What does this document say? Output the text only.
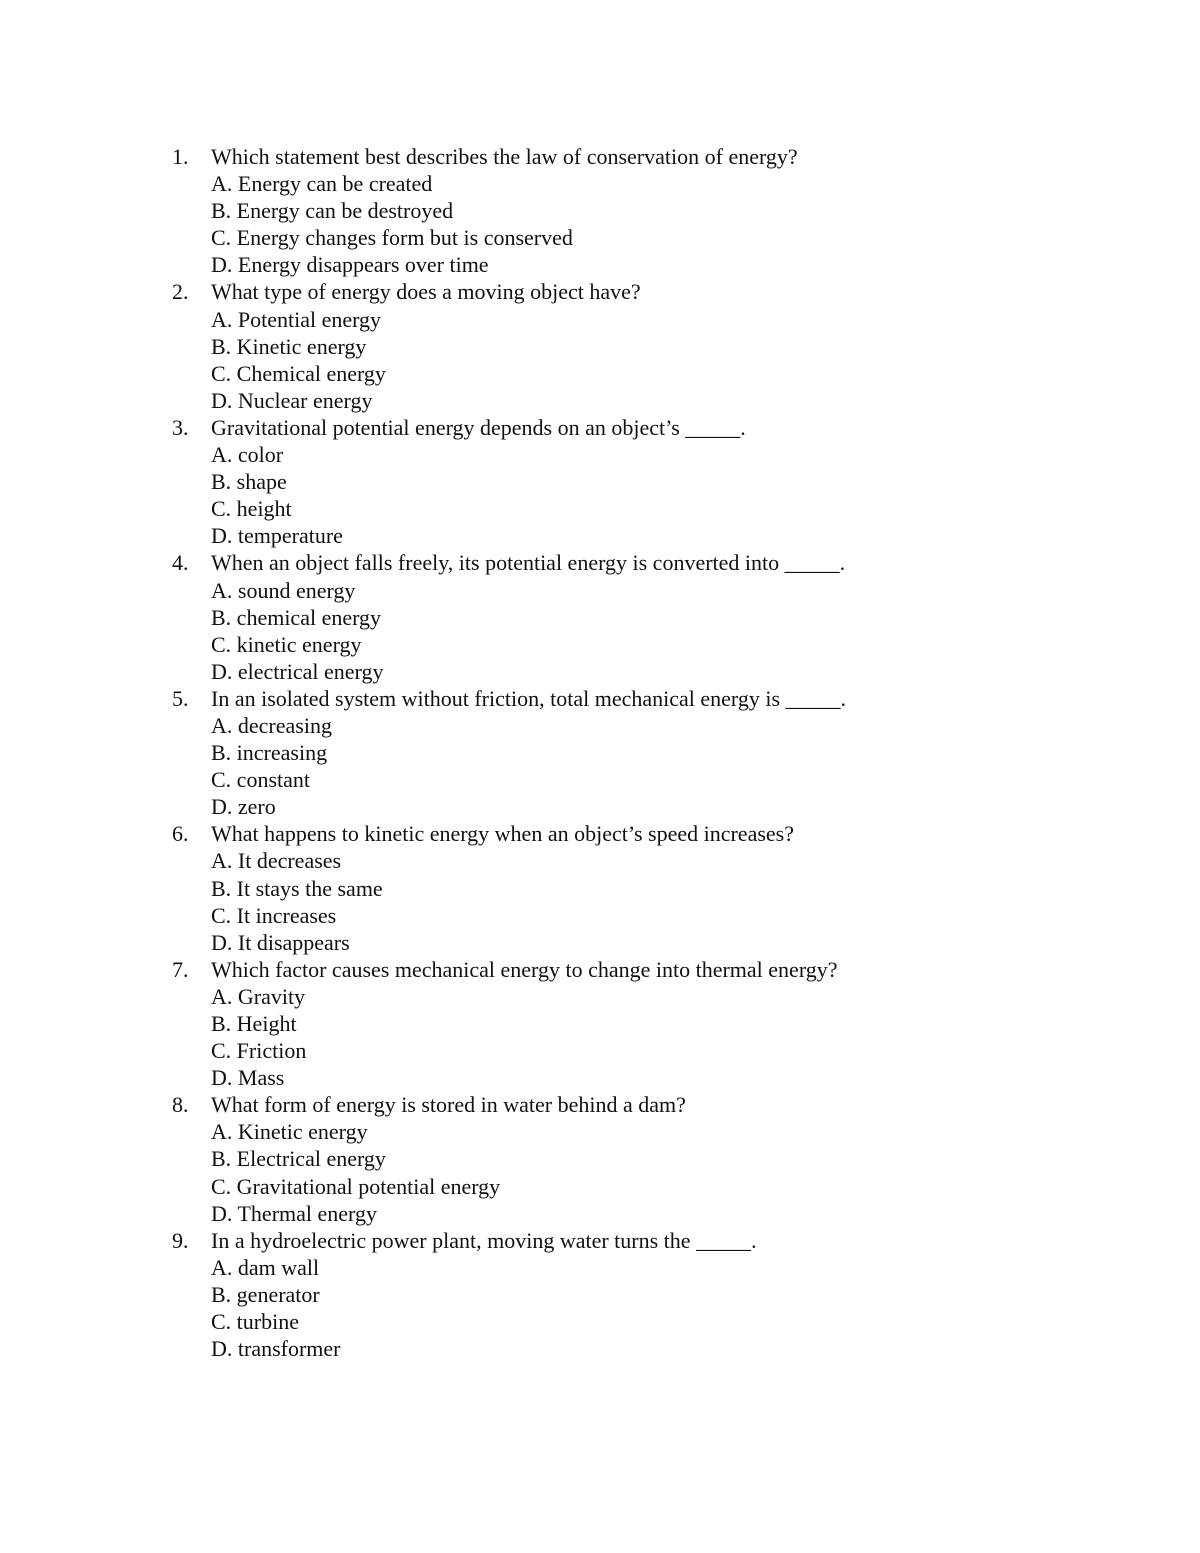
1.	Which statement best describes the law of conservation of energy?
A. Energy can be created
B. Energy can be destroyed
C. Energy changes form but is conserved
D. Energy disappears over time
2.	What type of energy does a moving object have?
A. Potential energy
B. Kinetic energy
C. Chemical energy
D. Nuclear energy
3.	Gravitational potential energy depends on an object’s _____.
A. color
B. shape
C. height
D. temperature
4.	When an object falls freely, its potential energy is converted into _____.
A. sound energy
B. chemical energy
C. kinetic energy
D. electrical energy
5.	In an isolated system without friction, total mechanical energy is _____.
A. decreasing
B. increasing
C. constant
D. zero
6.	What happens to kinetic energy when an object’s speed increases?
A. It decreases
B. It stays the same
C. It increases
D. It disappears
7.	Which factor causes mechanical energy to change into thermal energy?
A. Gravity
B. Height
C. Friction
D. Mass
8.	What form of energy is stored in water behind a dam?
A. Kinetic energy
B. Electrical energy
C. Gravitational potential energy
D. Thermal energy
9.	In a hydroelectric power plant, moving water turns the _____.
A. dam wall
B. generator
C. turbine
D. transformer
